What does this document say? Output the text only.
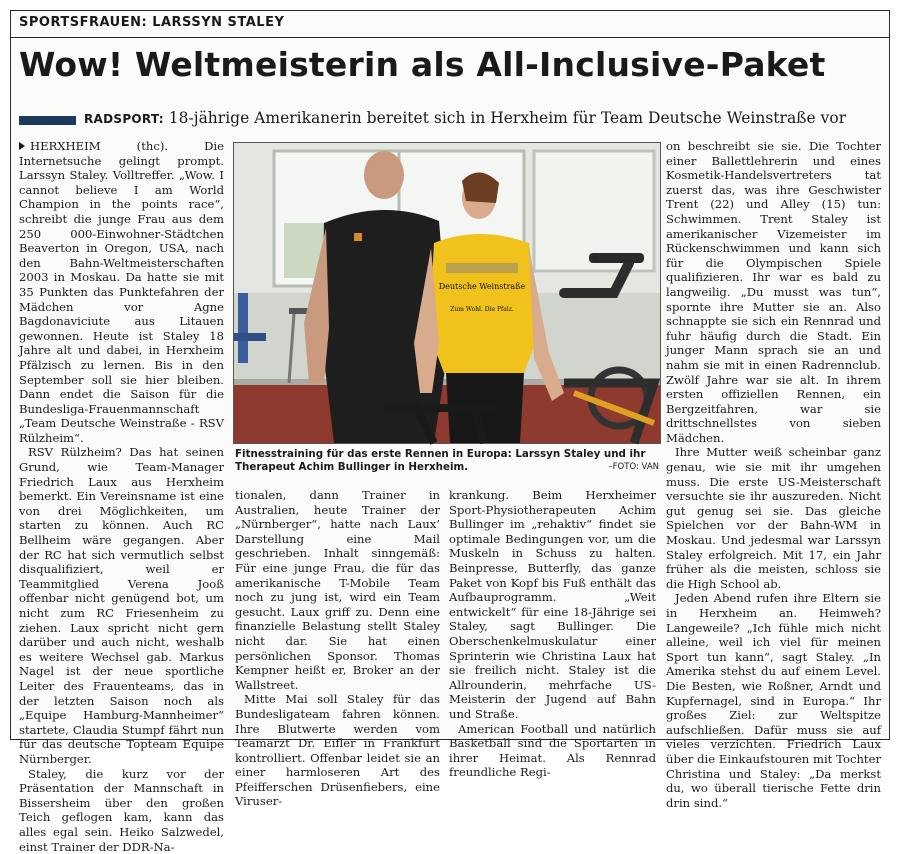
SPORTSFRAUEN: LARSSYN STALEY
Wow! Weltmeisterin als All-Inclusive-Paket
RADSPORT: 18-jährige Amerikanerin bereitet sich in Herxheim für Team Deutsche Weinstraße vor

HERXHEIM (thc). Die Internetsuche gelingt prompt. Larssyn Staley. Volltreffer. „Wow. I cannot believe I am World Champion in the points race“, schreibt die junge Frau aus dem 250 000-Einwohner-Städtchen Beaverton in Oregon, USA, nach den Bahn-Weltmeisterschaften 2003 in Moskau. Da hatte sie mit 35 Punkten das Punktefahren der Mädchen vor Agne Bagdonaviciute aus Litauen gewonnen. Heute ist Staley 18 Jahre alt und dabei, in Herxheim Pfälzisch zu lernen. Bis in den September soll sie hier bleiben. Dann endet die Saison für die Bundesliga-Frauenmannschaft „Team Deutsche Weinstraße - RSV Rülzheim“.

RSV Rülzheim? Das hat seinen Grund, wie Team-Manager Friedrich Laux aus Herxheim bemerkt. Ein Vereinsname ist eine von drei Möglichkeiten, um starten zu können. Auch RC Bellheim wäre gegangen. Aber der RC hat sich vermutlich selbst disqualifiziert, weil er Teammitglied Verena Jooß offenbar nicht genügend bot, um nicht zum RC Friesenheim zu ziehen. Laux spricht nicht gern darüber und auch nicht, weshalb es weitere Wechsel gab. Markus Nagel ist der neue sportliche Leiter des Frauenteams, das in der letzten Saison noch als „Equipe Hamburg-Mannheimer“ startete, Claudia Stumpf fährt nun für das deutsche Topteam Equipe Nürnberger.

Staley, die kurz vor der Präsentation der Mannschaft in Bissersheim über den großen Teich geflogen kam, kann das alles egal sein. Heiko Salzwedel, einst Trainer der DDR-Na-

Deutsche Weinstraße
Zum Wohl. Die Pfalz.
Fitnesstraining für das erste Rennen in Europa: Larssyn Staley und ihr Therapeut Achim Bullinger in Herxheim.	–FOTO: VAN

tionalen, dann Trainer in Australien, heute Trainer der „Nürnberger“, hatte nach Laux’ Darstellung eine Mail geschrieben. Inhalt sinngemäß: Für eine junge Frau, die für das amerikanische T-Mobile Team noch zu jung ist, wird ein Team gesucht. Laux griff zu. Denn eine finanzielle Belastung stellt Staley nicht dar. Sie hat einen persönlichen Sponsor. Thomas Kempner heißt er, Broker an der Wallstreet.

Mitte Mai soll Staley für das Bundesligateam fahren können. Ihre Blutwerte werden vom Teamarzt Dr. Eifler in Frankfurt kontrolliert. Offenbar leidet sie an einer harmloseren Art des Pfeifferschen Drüsenfiebers, eine Viruser-

krankung. Beim Herxheimer Sport-Physiotherapeuten Achim Bullinger im „rehaktiv“ findet sie optimale Bedingungen vor, um die Muskeln in Schuss zu halten. Beinpresse, Butterfly, das ganze Paket von Kopf bis Fuß enthält das Aufbauprogramm. „Weit entwickelt“ für eine 18-Jährige sei Staley, sagt Bullinger. Die Oberschenkelmuskulatur einer Sprinterin wie Christina Laux hat sie freilich nicht. Staley ist die Allrounderin, mehrfache US-Meisterin der Jugend auf Bahn und Straße.

American Football und natürlich Basketball sind die Sportarten in ihrer Heimat. Als Rennrad freundliche Regi-

on beschreibt sie sie. Die Tochter einer Ballettlehrerin und eines Kosmetik-Handelsvertreters tat zuerst das, was ihre Geschwister Trent (22) und Alley (15) tun: Schwimmen. Trent Staley ist amerikanischer Vizemeister im Rückenschwimmen und kann sich für die Olympischen Spiele qualifizieren. Ihr war es bald zu langweilig. „Du musst was tun“, spornte ihre Mutter sie an. Also schnappte sie sich ein Rennrad und fuhr häufig durch die Stadt. Ein junger Mann sprach sie an und nahm sie mit in einen Radrennclub. Zwölf Jahre war sie alt. In ihrem ersten offiziellen Rennen, ein Bergzeitfahren, war sie drittschnellstes von sieben Mädchen.

Ihre Mutter weiß scheinbar ganz genau, wie sie mit ihr umgehen muss. Die erste US-Meisterschaft versuchte sie ihr auszureden. Nicht gut genug sei sie. Das gleiche Spielchen vor der Bahn-WM in Moskau. Und jedesmal war Larssyn Staley erfolgreich. Mit 17, ein Jahr früher als die meisten, schloss sie die High School ab.

Jeden Abend rufen ihre Eltern sie in Herxheim an. Heimweh? Langeweile? „Ich fühle mich nicht alleine, weil ich viel für meinen Sport tun kann“, sagt Staley. „In Amerika stehst du auf einem Level. Die Besten, wie Roßner, Arndt und Kupfernagel, sind in Europa.“ Ihr großes Ziel: zur Weltspitze aufschließen. Dafür muss sie auf vieles verzichten. Friedrich Laux über die Einkaufstouren mit Tochter Christina und Staley: „Da merkst du, wo überall tierische Fette drin drin sind.“
